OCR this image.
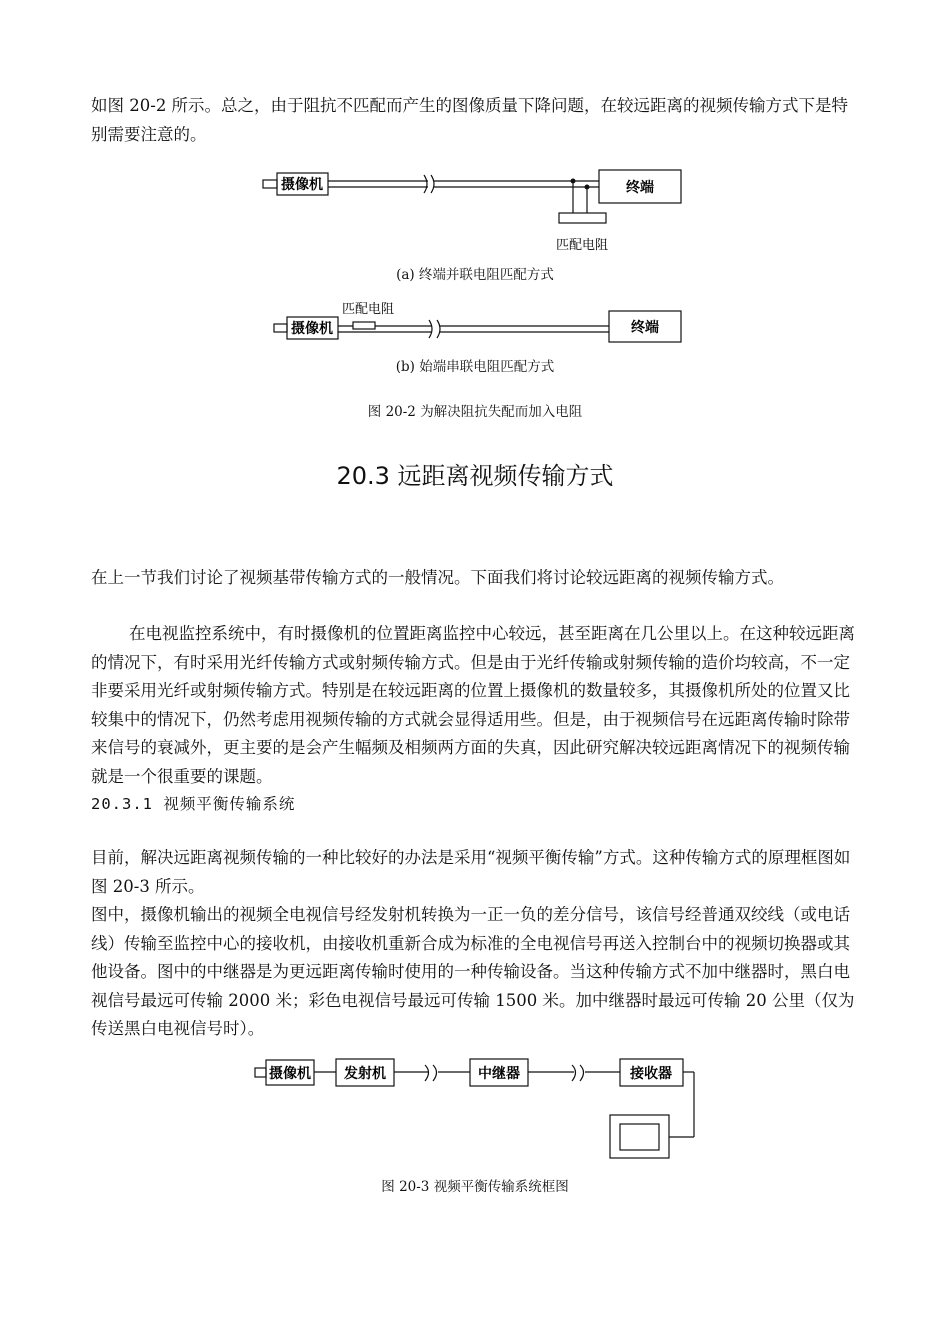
如图 20-2 所示。总之，由于阻抗不匹配而产生的图像质量下降问题，在较远距离的视频传输方式下是特别需要注意的。

摄像机	终端
匹配电阻

(a) 终端并联电阻匹配方式

匹配电阻
摄像机	终端

(b) 始端串联电阻匹配方式

图 20-2 为解决阻抗失配而加入电阻

20.3 远距离视频传输方式

在上一节我们讨论了视频基带传输方式的一般情况。下面我们将讨论较远距离的视频传输方式。

在电视监控系统中，有时摄像机的位置距离监控中心较远，甚至距离在几公里以上。在这种较远距离的情况下，有时采用光纤传输方式或射频传输方式。但是由于光纤传输或射频传输的造价均较高，不一定非要采用光纤或射频传输方式。特别是在较远距离的位置上摄像机的数量较多，其摄像机所处的位置又比较集中的情况下，仍然考虑用视频传输的方式就会显得适用些。但是，由于视频信号在远距离传输时除带来信号的衰减外，更主要的是会产生幅频及相频两方面的失真，因此研究解决较远距离情况下的视频传输就是一个很重要的课题。

20.3.1 视频平衡传输系统

目前，解决远距离视频传输的一种比较好的办法是采用“视频平衡传输”方式。这种传输方式的原理框图如图 20-3 所示。

图中，摄像机输出的视频全电视信号经发射机转换为一正一负的差分信号，该信号经普通双绞线（或电话线）传输至监控中心的接收机，由接收机重新合成为标准的全电视信号再送入控制台中的视频切换器或其他设备。图中的中继器是为更远距离传输时使用的一种传输设备。当这种传输方式不加中继器时，黑白电视信号最远可传输 2000 米；彩色电视信号最远可传输 1500 米。加中继器时最远可传输 20 公里（仅为传送黑白电视信号时）。

摄像机 发射机	中继器	接收器

图 20-3 视频平衡传输系统框图
